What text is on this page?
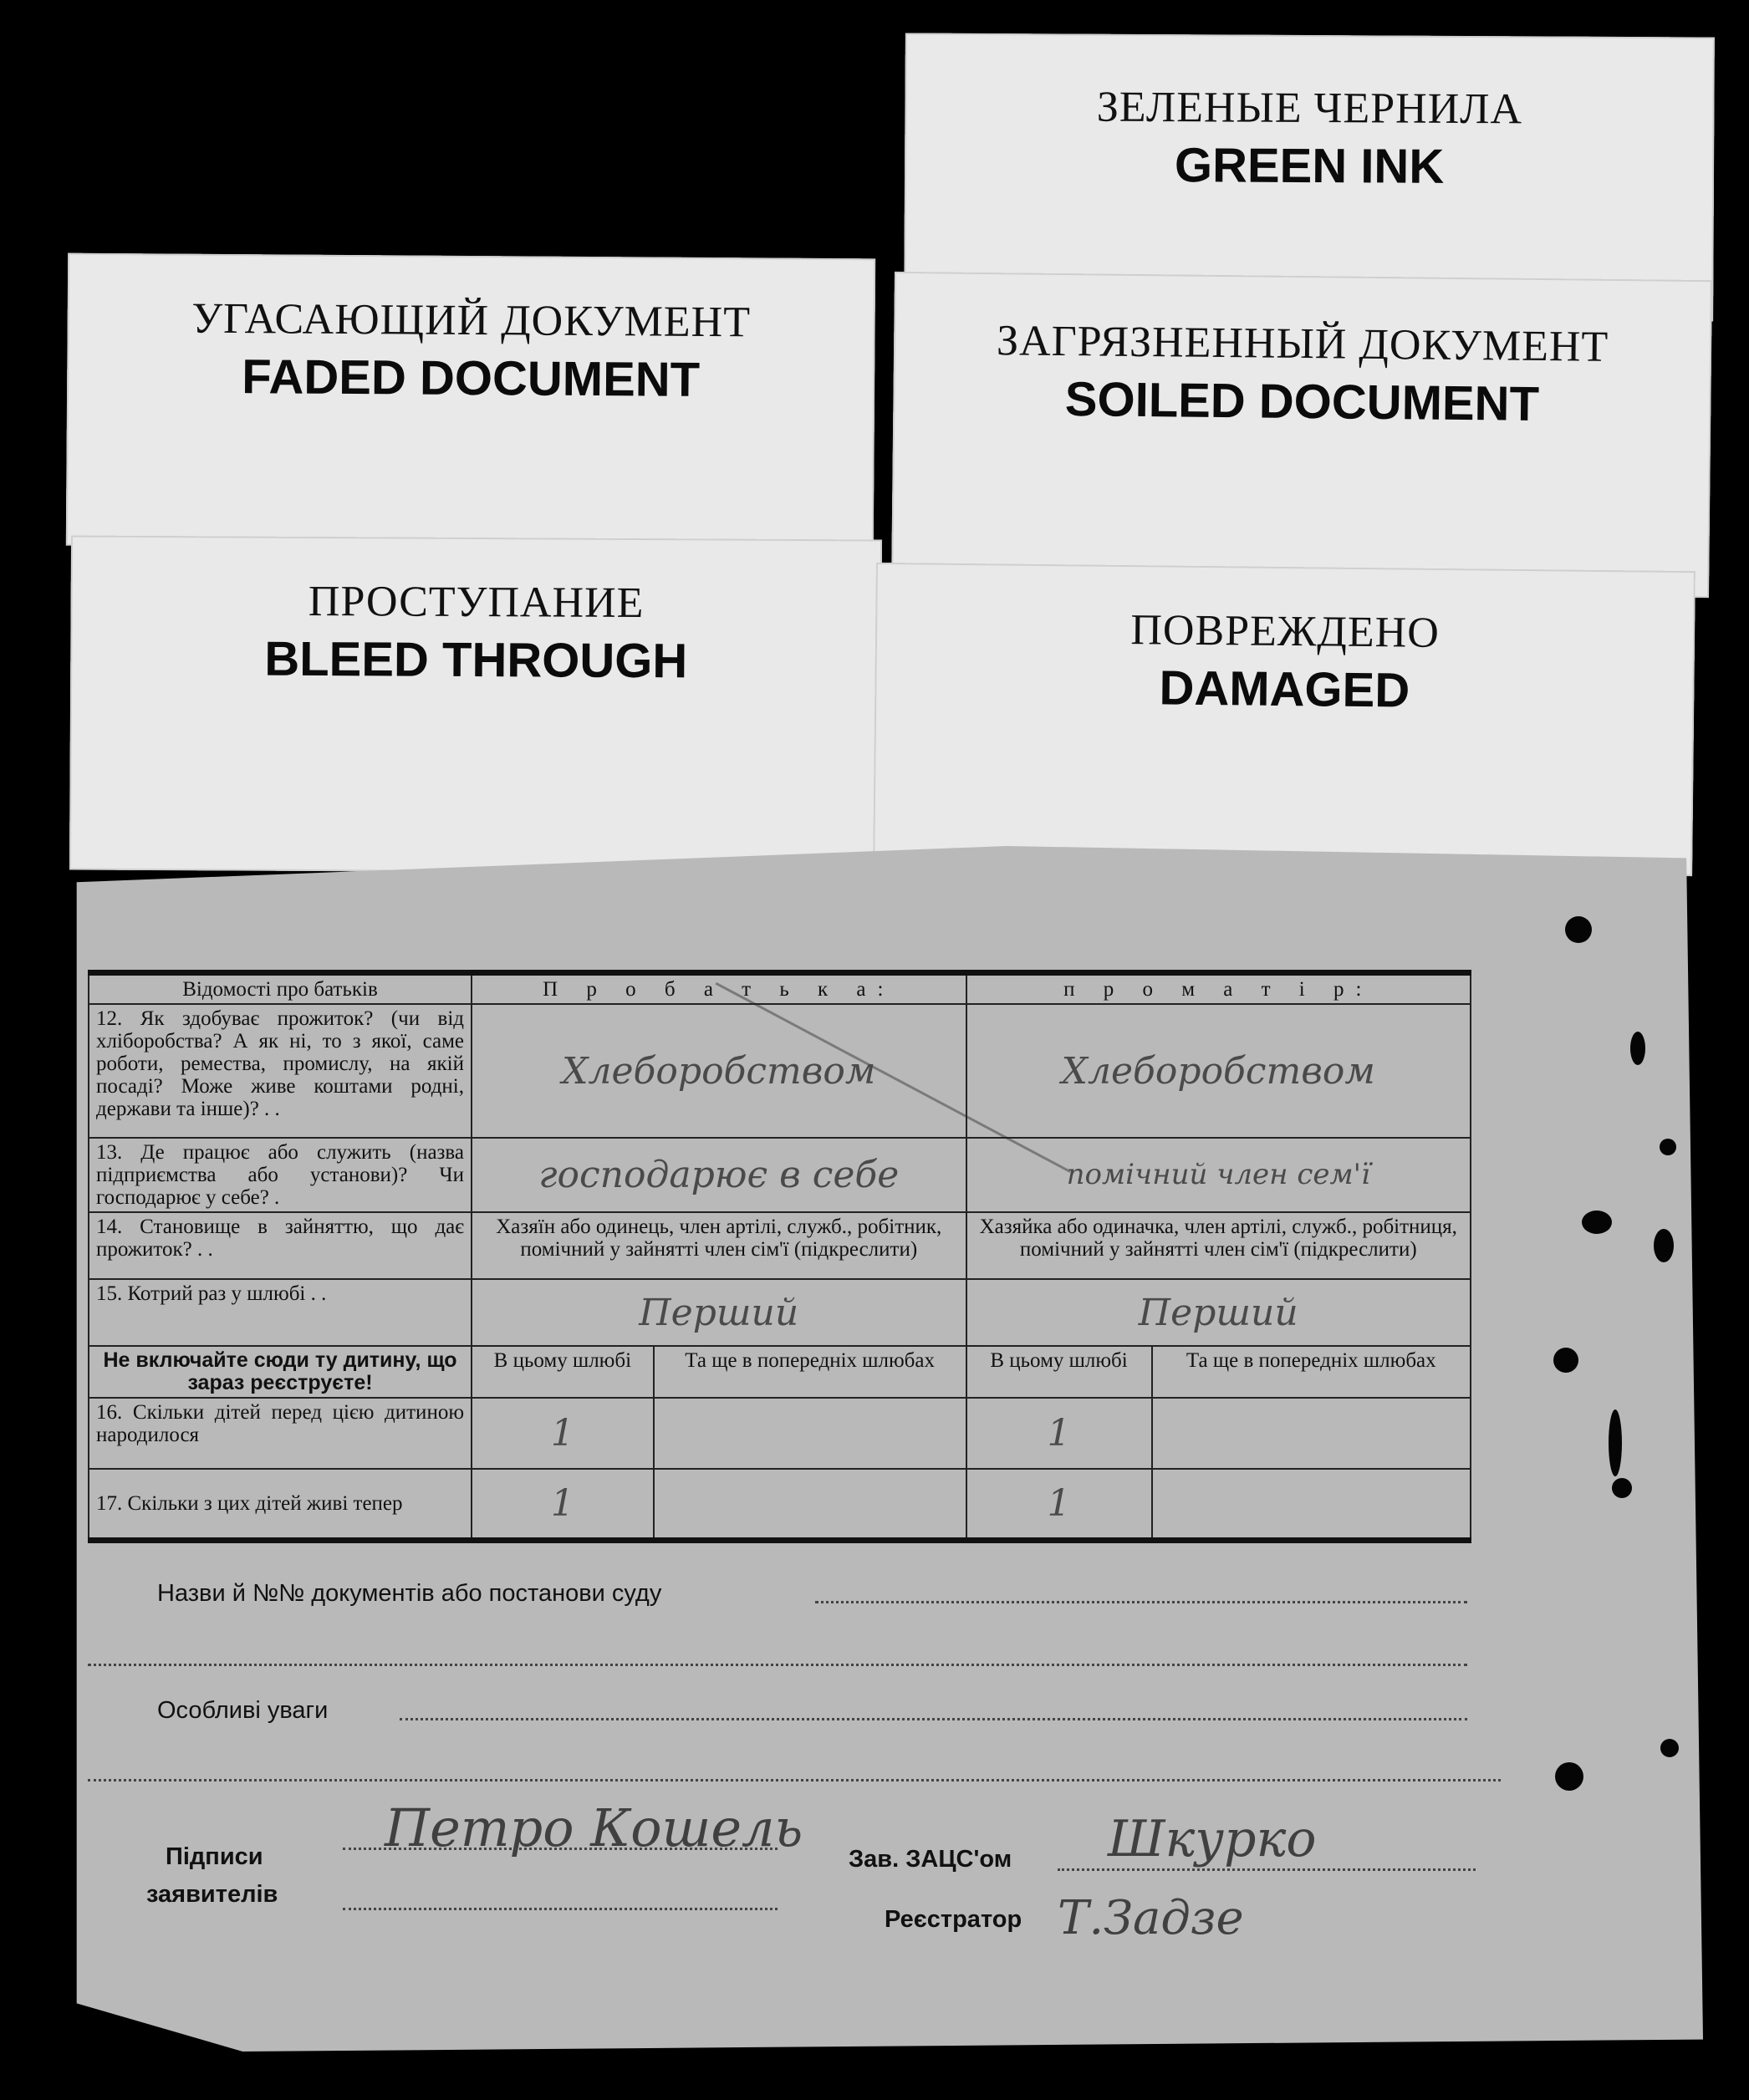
ЗЕЛЕНЫЕ ЧЕРНИЛА
GREEN INK
УГАСАЮЩИЙ ДОКУМЕНТ
FADED DOCUMENT
ЗАГРЯЗНЕННЫЙ ДОКУМЕНТ
SOILED DOCUMENT
ПРОСТУПАНИЕ
BLEED THROUGH
ПОВРЕЖДЕНО
DAMAGED
Відомості про батьків	П р о б а т ь к а:		п р о м а т і р:	
12. Як здобуває прожиток? (чи від хліборобства? А як ні, то з якої, саме роботи, ремества, промислу, на якій посаді? Може живе коштами родні, держави та інше)? . .	Хлеборобством		Хлеборобством	
13. Де працює або служить (назва підприємства або установи)? Чи господарює у себе? .	господарює в себе		помічний член сем'ї	
14. Становище в зайняттю, що дає прожиток? . .	Хазяїн або одинець, член артілі, служб., робітник, помічний у зайнятті член сім'ї (підкреслити)		Хазяйка або одиначка, член артілі, служб., робітниця, помічний у зайнятті член сім'ї (підкреслити)	
15. Котрий раз у шлюбі . .	Перший		Перший	
Не включайте сюди ту дитину, що зараз реєструєте!	В цьому шлюбі	Та ще в попередніх шлюбах	В цьому шлюбі	Та ще в попередніх шлюбах
16. Скільки дітей перед цією дитиною народилося	1		1	
17. Скільки з цих дітей живі тепер	1		1	
Назви й №№ документів або постанови суду
Особливі уваги
Підписи
заявителів
Петро Кошель
Зав. ЗАЦС'ом Шкурко
Реєстратор Т.Задзе
